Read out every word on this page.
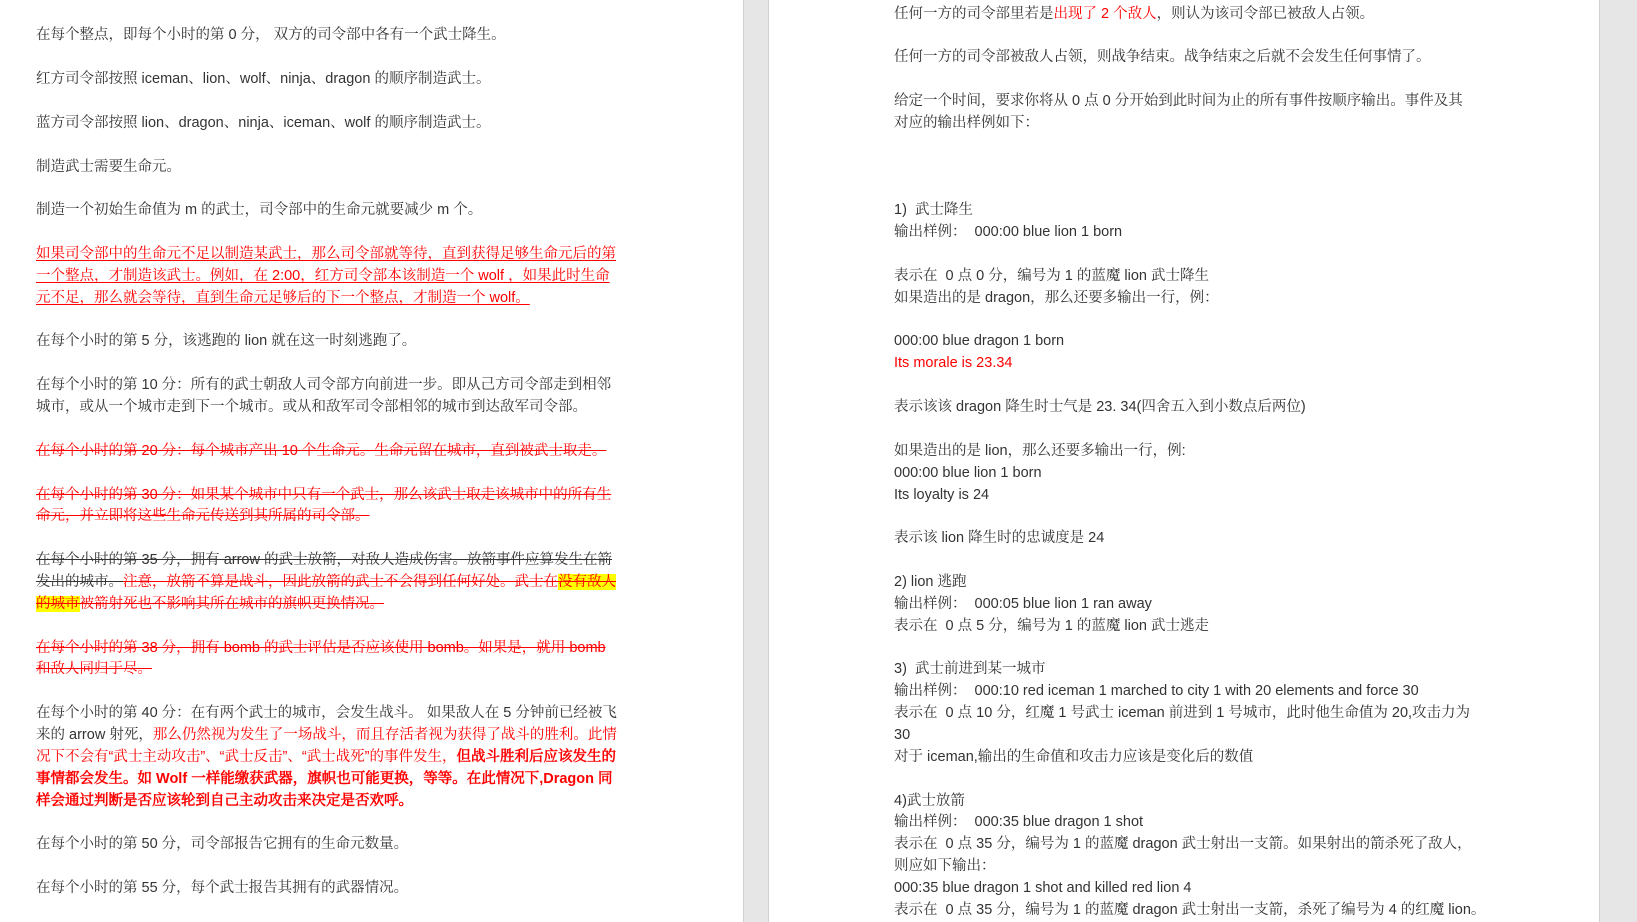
在每个整点，即每个小时的第 0 分， 双方的司令部中各有一个武士降生。
红方司令部按照 iceman、lion、wolf、ninja、dragon 的顺序制造武士。
蓝方司令部按照 lion、dragon、ninja、iceman、wolf 的顺序制造武士。
制造武士需要生命元。
制造一个初始生命值为 m 的武士，司令部中的生命元就要减少 m 个。
如果司令部中的生命元不足以制造某武士，那么司令部就等待，直到获得足够生命元后的第
一个整点，才制造该武士。例如，在 2:00，红方司令部本该制造一个 wolf ，如果此时生命
元不足，那么就会等待，直到生命元足够后的下一个整点，才制造一个 wolf。
在每个小时的第 5 分，该逃跑的 lion 就在这一时刻逃跑了。
在每个小时的第 10 分：所有的武士朝敌人司令部方向前进一步。即从己方司令部走到相邻
城市，或从一个城市走到下一个城市。或从和敌军司令部相邻的城市到达敌军司令部。
在每个小时的第 20 分：每个城市产出 10 个生命元。生命元留在城市，直到被武士取走。
在每个小时的第 30 分：如果某个城市中只有一个武士，那么该武士取走该城市中的所有生
命元，并立即将这些生命元传送到其所属的司令部。
在每个小时的第 35 分，拥有 arrow 的武士放箭，对敌人造成伤害。放箭事件应算发生在箭
发出的城市。注意，放箭不算是战斗，因此放箭的武士不会得到任何好处。武士在没有敌人
的城市被箭射死也不影响其所在城市的旗帜更换情况。
在每个小时的第 38 分，拥有 bomb 的武士评估是否应该使用 bomb。如果是，就用 bomb
和敌人同归于尽。
在每个小时的第 40 分：在有两个武士的城市，会发生战斗。 如果敌人在 5 分钟前已经被飞
来的 arrow 射死，那么仍然视为发生了一场战斗，而且存活者视为获得了战斗的胜利。此情
况下不会有“武士主动攻击”、“武士反击”、“武士战死”的事件发生，但战斗胜利后应该发生的
事情都会发生。如 Wolf 一样能缴获武器，旗帜也可能更换，等等。在此情况下,Dragon 同
样会通过判断是否应该轮到自己主动攻击来决定是否欢呼。
在每个小时的第 50 分，司令部报告它拥有的生命元数量。
在每个小时的第 55 分，每个武士报告其拥有的武器情况。
任何一方的司令部里若是出现了 2 个敌人，则认为该司令部已被敌人占领。
任何一方的司令部被敌人占领，则战争结束。战争结束之后就不会发生任何事情了。
给定一个时间，要求你将从 0 点 0 分开始到此时间为止的所有事件按顺序输出。事件及其
对应的输出样例如下：
1)  武士降生
输出样例：  000:00 blue lion 1 born
表示在  0 点 0 分，编号为 1 的蓝魔 lion 武士降生
如果造出的是 dragon，那么还要多输出一行，例：
000:00 blue dragon 1 born
Its morale is 23.34
表示该该 dragon 降生时士气是 23. 34(四舍五入到小数点后两位)
如果造出的是 lion，那么还要多输出一行，例:
000:00 blue lion 1 born
Its loyalty is 24
表示该 lion 降生时的忠诚度是 24
2) lion 逃跑
输出样例：  000:05 blue lion 1 ran away
表示在  0 点 5 分，编号为 1 的蓝魔 lion 武士逃走
3)  武士前进到某一城市
输出样例：  000:10 red iceman 1 marched to city 1 with 20 elements and force 30
表示在  0 点 10 分，红魔 1 号武士 iceman 前进到 1 号城市，此时他生命值为 20,攻击力为
30
对于 iceman,输出的生命值和攻击力应该是变化后的数值
4)武士放箭
输出样例：  000:35 blue dragon 1 shot
表示在  0 点 35 分，编号为 1 的蓝魔 dragon 武士射出一支箭。如果射出的箭杀死了敌人，
则应如下输出：
000:35 blue dragon 1 shot and killed red lion 4
表示在  0 点 35 分，编号为 1 的蓝魔 dragon 武士射出一支箭，杀死了编号为 4 的红魔 lion。
